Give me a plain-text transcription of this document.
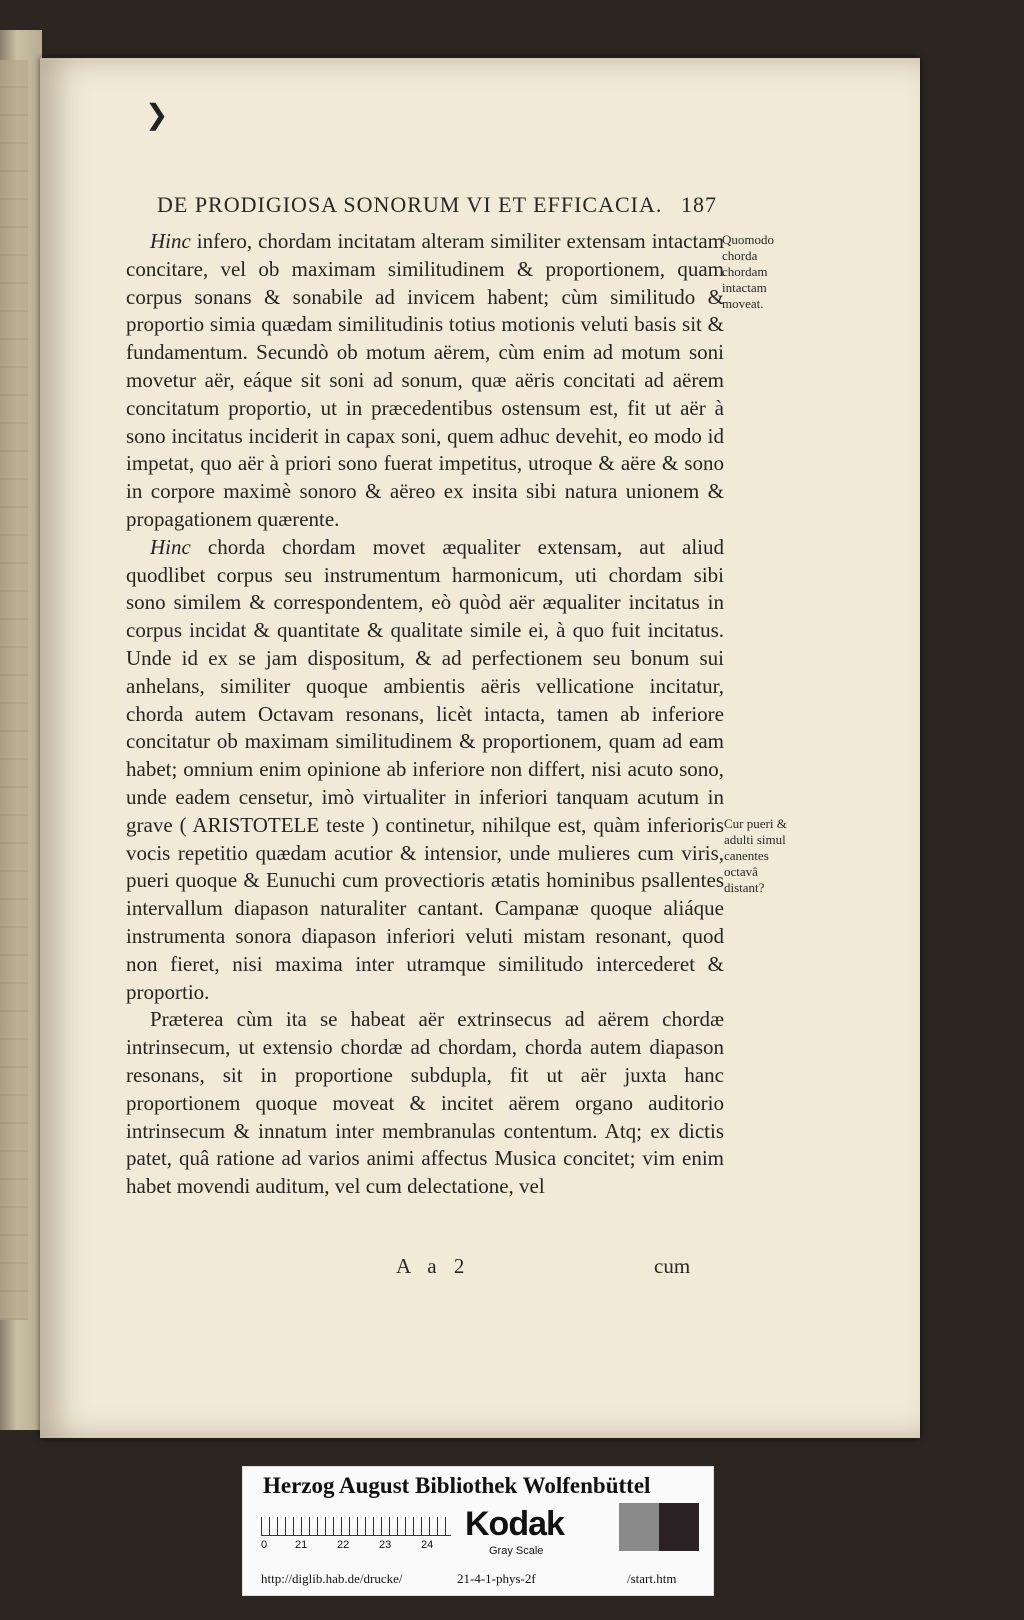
❯
DE PRODIGIOSA SONORUM VI ET EFFICACIA. 187

Hinc infero, chordam incitatam alteram similiter extensam intactam concitare, vel ob maximam similitudinem & proportionem, quam corpus sonans & sonabile ad invicem habent; cùm similitudo & proportio simia quædam similitudinis totius motionis veluti basis sit & fundamentum. Secundò ob motum aërem, cùm enim ad motum soni movetur aër, eáque sit soni ad sonum, quæ aëris concitati ad aërem concitatum proportio, ut in præcedentibus ostensum est, fit ut aër à sono incitatus inciderit in capax soni, quem adhuc devehit, eo modo id impetat, quo aër à priori sono fuerat impetitus, utroque & aëre & sono in corpore maximè sonoro & aëreo ex insita sibi natura unionem & propagationem quærente.

Hinc chorda chordam movet æqualiter extensam, aut aliud quodlibet corpus seu instrumentum harmonicum, uti chordam sibi sono similem & correspondentem, eò quòd aër æqualiter incitatus in corpus incidat & quantitate & qualitate simile ei, à quo fuit incitatus. Unde id ex se jam dispositum, & ad perfectionem seu bonum sui anhelans, similiter quoque ambientis aëris vellicatione incitatur, chorda autem Octavam resonans, licèt intacta, tamen ab inferiore concitatur ob maximam similitudinem & proportionem, quam ad eam habet; omnium enim opinione ab inferiore non differt, nisi acuto sono, unde eadem censetur, imò virtualiter in inferiori tanquam acutum in grave ( ARISTOTELE teste ) continetur, nihilque est, quàm inferioris vocis repetitio quædam acutior & intensior, unde mulieres cum viris, pueri quoque & Eunuchi cum provectioris ætatis hominibus psallentes intervallum diapason naturaliter cantant. Campanæ quoque aliáque instrumenta sonora diapason inferiori veluti mistam resonant, quod non fieret, nisi maxima inter utramque similitudo intercederet & proportio.

Præterea cùm ita se habeat aër extrinsecus ad aërem chordæ intrinsecum, ut extensio chordæ ad chordam, chorda autem diapason resonans, sit in proportione subdupla, fit ut aër juxta hanc proportionem quoque moveat & incitet aërem organo auditorio intrinsecum & innatum inter membranulas contentum. Atq; ex dictis patet, quâ ratione ad varios animi affectus Musica concitet; vim enim habet movendi auditum, vel cum delectatione, vel

Quomodo chorda chordam intactam moveat.
Cur pueri & adulti simul canentes octavâ distant?
A a 2	cum
Herzog August Bibliothek Wolfenbüttel
0	21	22	23	24
Kodak
Gray Scale
http://diglib.hab.de/drucke/	21-4-1-phys-2f	/start.htm
